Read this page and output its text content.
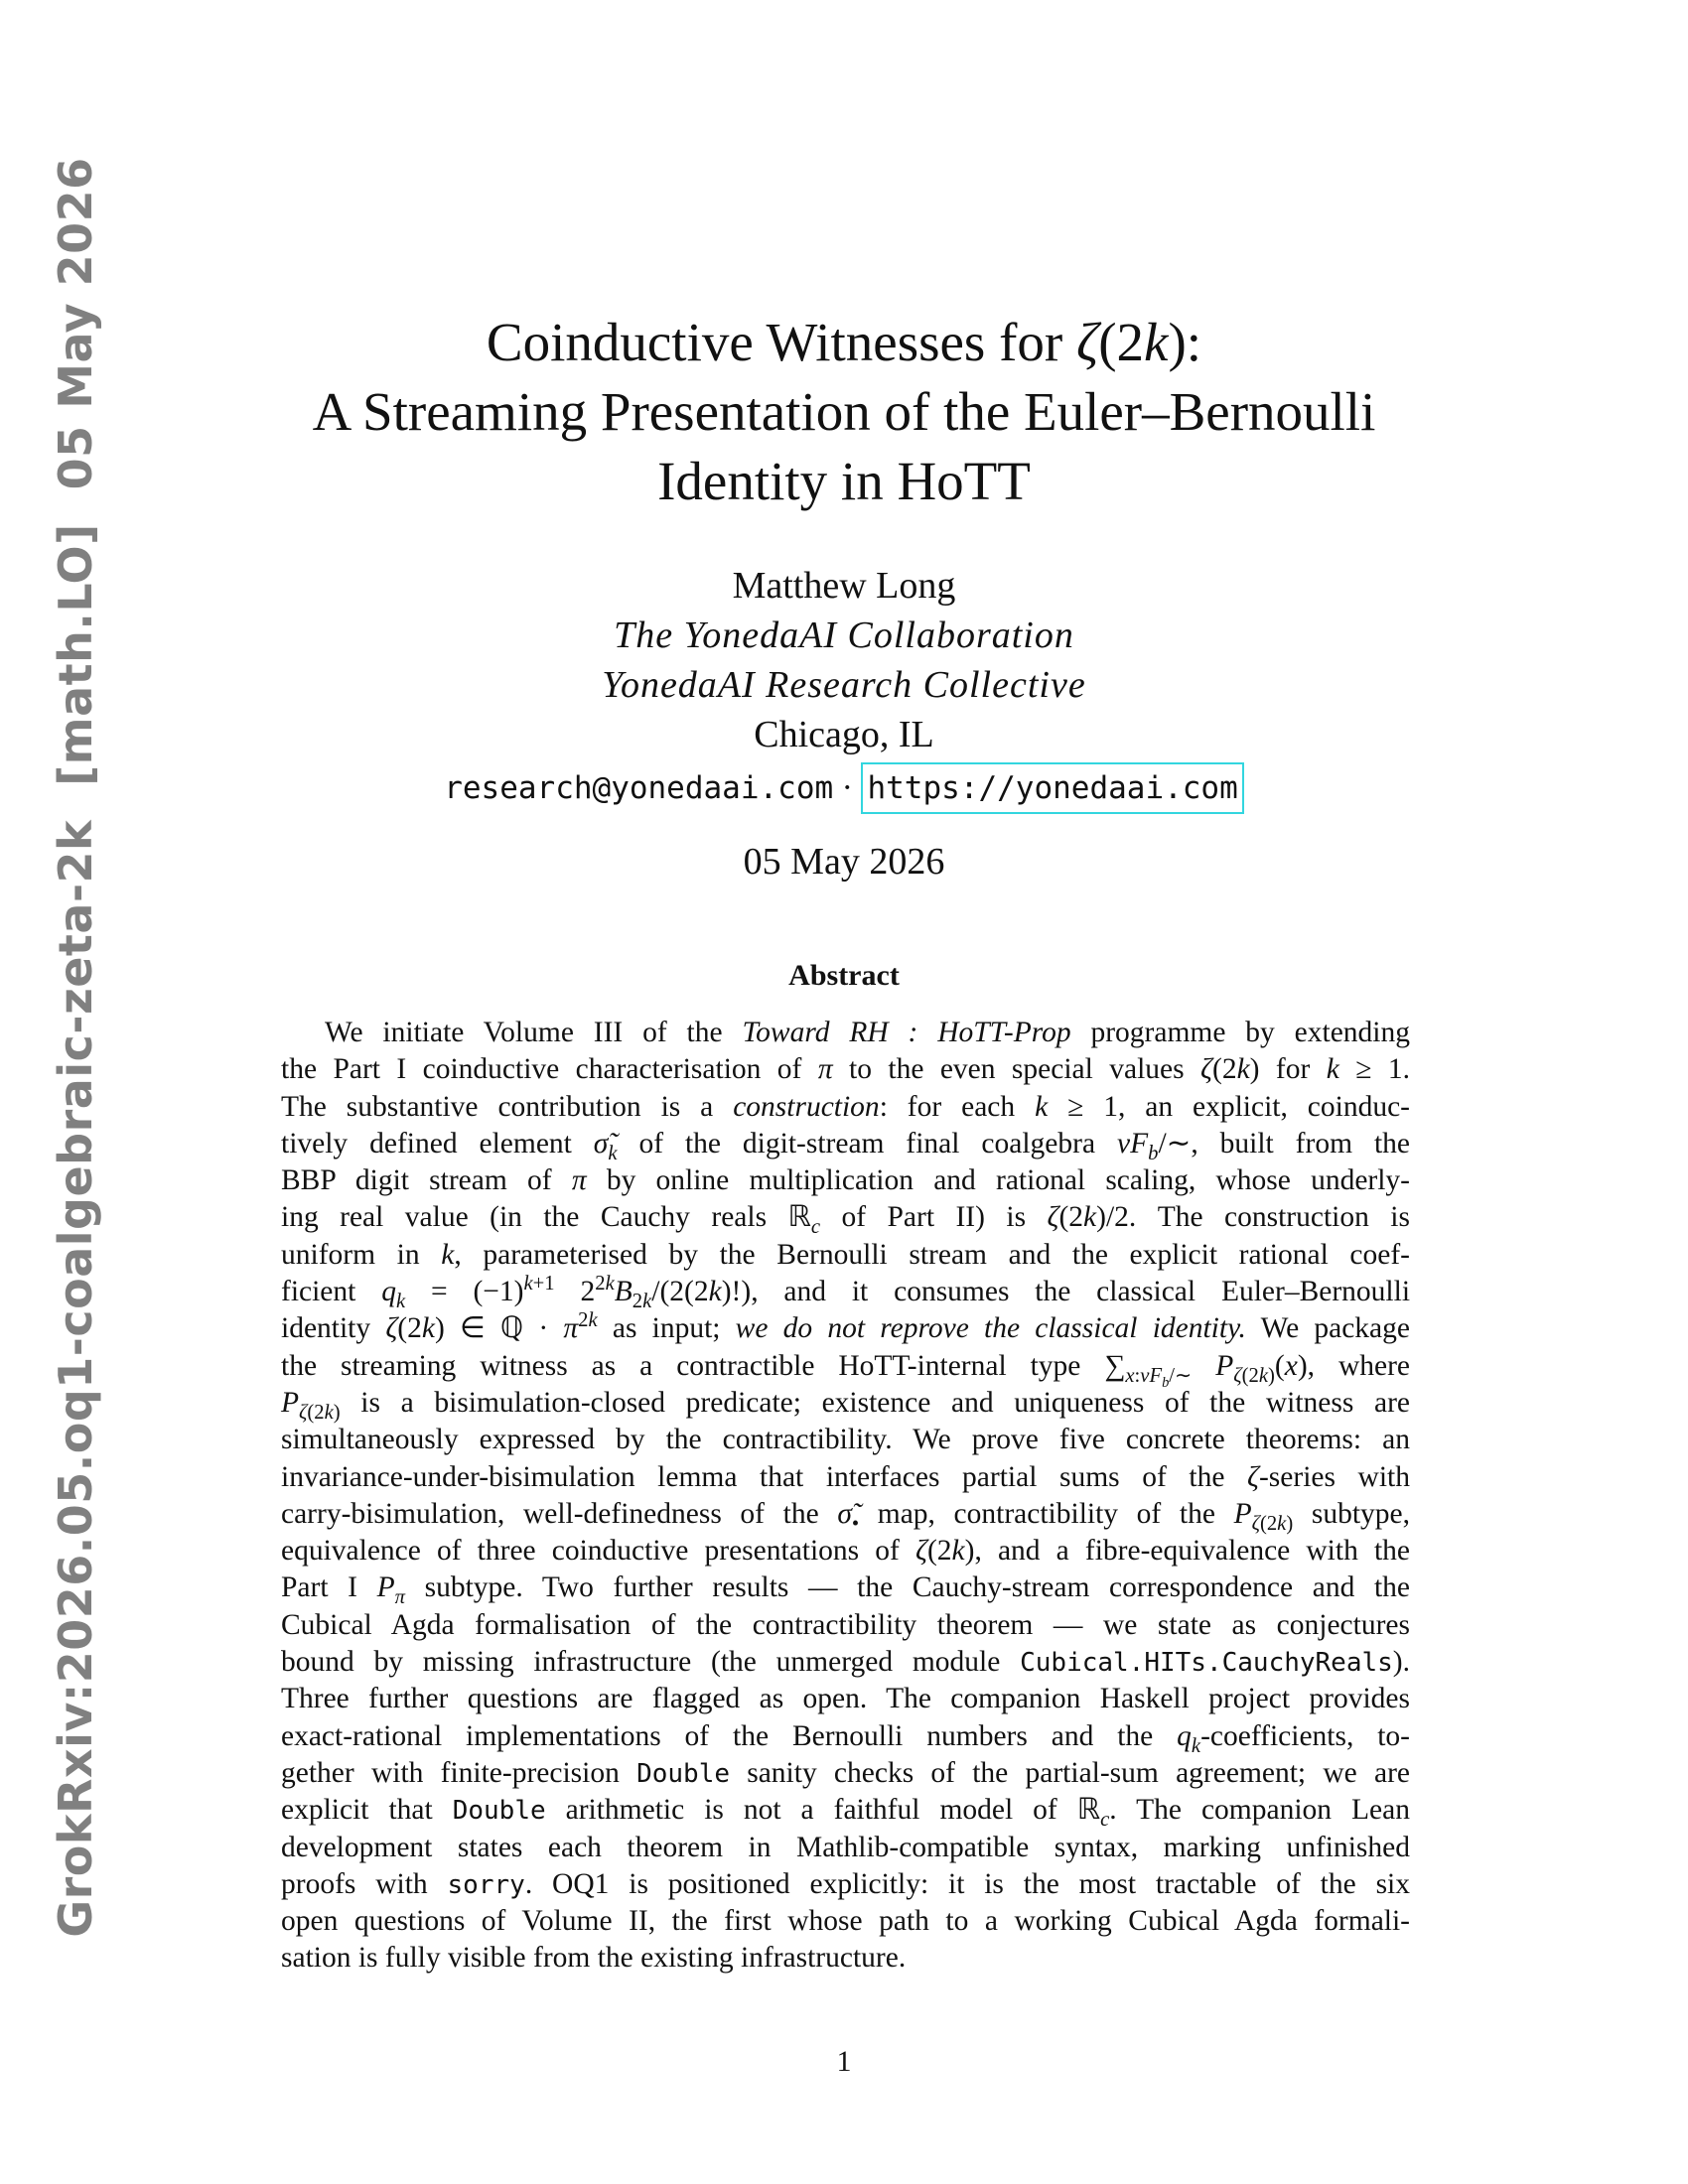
GrokRxiv:2026.05.oq1-coalgebraic-zeta-2k[math.LO]05 May 2026	Coinductive Witnesses for ζ(2k):
A Streaming Presentation of the Euler–Bernoulli
Identity in HoTT
Matthew Long
The YonedaAI Collaboration
YonedaAI Research Collective
Chicago, IL
research@yonedaai.com · https://yonedaai.com
05 May 2026
Abstract
We initiate Volume III of the Toward RH : HoTT-Prop programme by extending
the Part I coinductive characterisation of π to the even special values ζ(2k) for k ≥ 1.
The substantive contribution is a construction: for each k ≥ 1, an explicit, coinduc-
tively defined element $\sigmã_k$ of the digit-stream final coalgebra $\nu F_b/\sim$, built from the
BBP digit stream of π by online multiplication and rational scaling, whose underly-
ing real value (in the Cauchy reals ℝ$_c$ of Part II) is ζ(2k)/2. The construction is
uniform in k, parameterised by the Bernoulli stream and the explicit rational coef-
ficient $q_k = (-1)^{k+1}$ $2^{2k}B_{2k}/(2(2k)!)$, and it consumes the classical Euler–Bernoulli
identity ζ(2k) ∈ ℚ · $\pi^{2k}$ as input; we do not reprove the classical identity. We package
the streaming witness as a contractible HoTT-internal type $\sum_{x:\nu F_b/\sim}$ $P_{\zeta(2k)}(x)$, where
$P_{\zeta(2k)}$ is a bisimulation-closed predicate; existence and uniqueness of the witness are
simultaneously expressed by the contractibility. We prove five concrete theorems: an
invariance-under-bisimulation lemma that interfaces partial sums of the ζ-series with
carry-bisimulation, well-definedness of the $\sigmã_•$ map, contractibility of the $P_{\zeta(2k)}$ subtype,
equivalence of three coinductive presentations of ζ(2k), and a fibre-equivalence with the
Part I $P_\pi$ subtype. Two further results — the Cauchy-stream correspondence and the
Cubical Agda formalisation of the contractibility theorem — we state as conjectures
bound by missing infrastructure (the unmerged module Cubical.HITs.CauchyReals).
Three further questions are flagged as open. The companion Haskell project provides
exact-rational implementations of the Bernoulli numbers and the $q_k$-coefficients, to-
gether with finite-precision Double sanity checks of the partial-sum agreement; we are
explicit that Double arithmetic is not a faithful model of ℝ$_c$. The companion Lean
development states each theorem in Mathlib-compatible syntax, marking unfinished
proofs with sorry. OQ1 is positioned explicitly: it is the most tractable of the six
open questions of Volume II, the first whose path to a working Cubical Agda formali-
sation is fully visible from the existing infrastructure.
1
